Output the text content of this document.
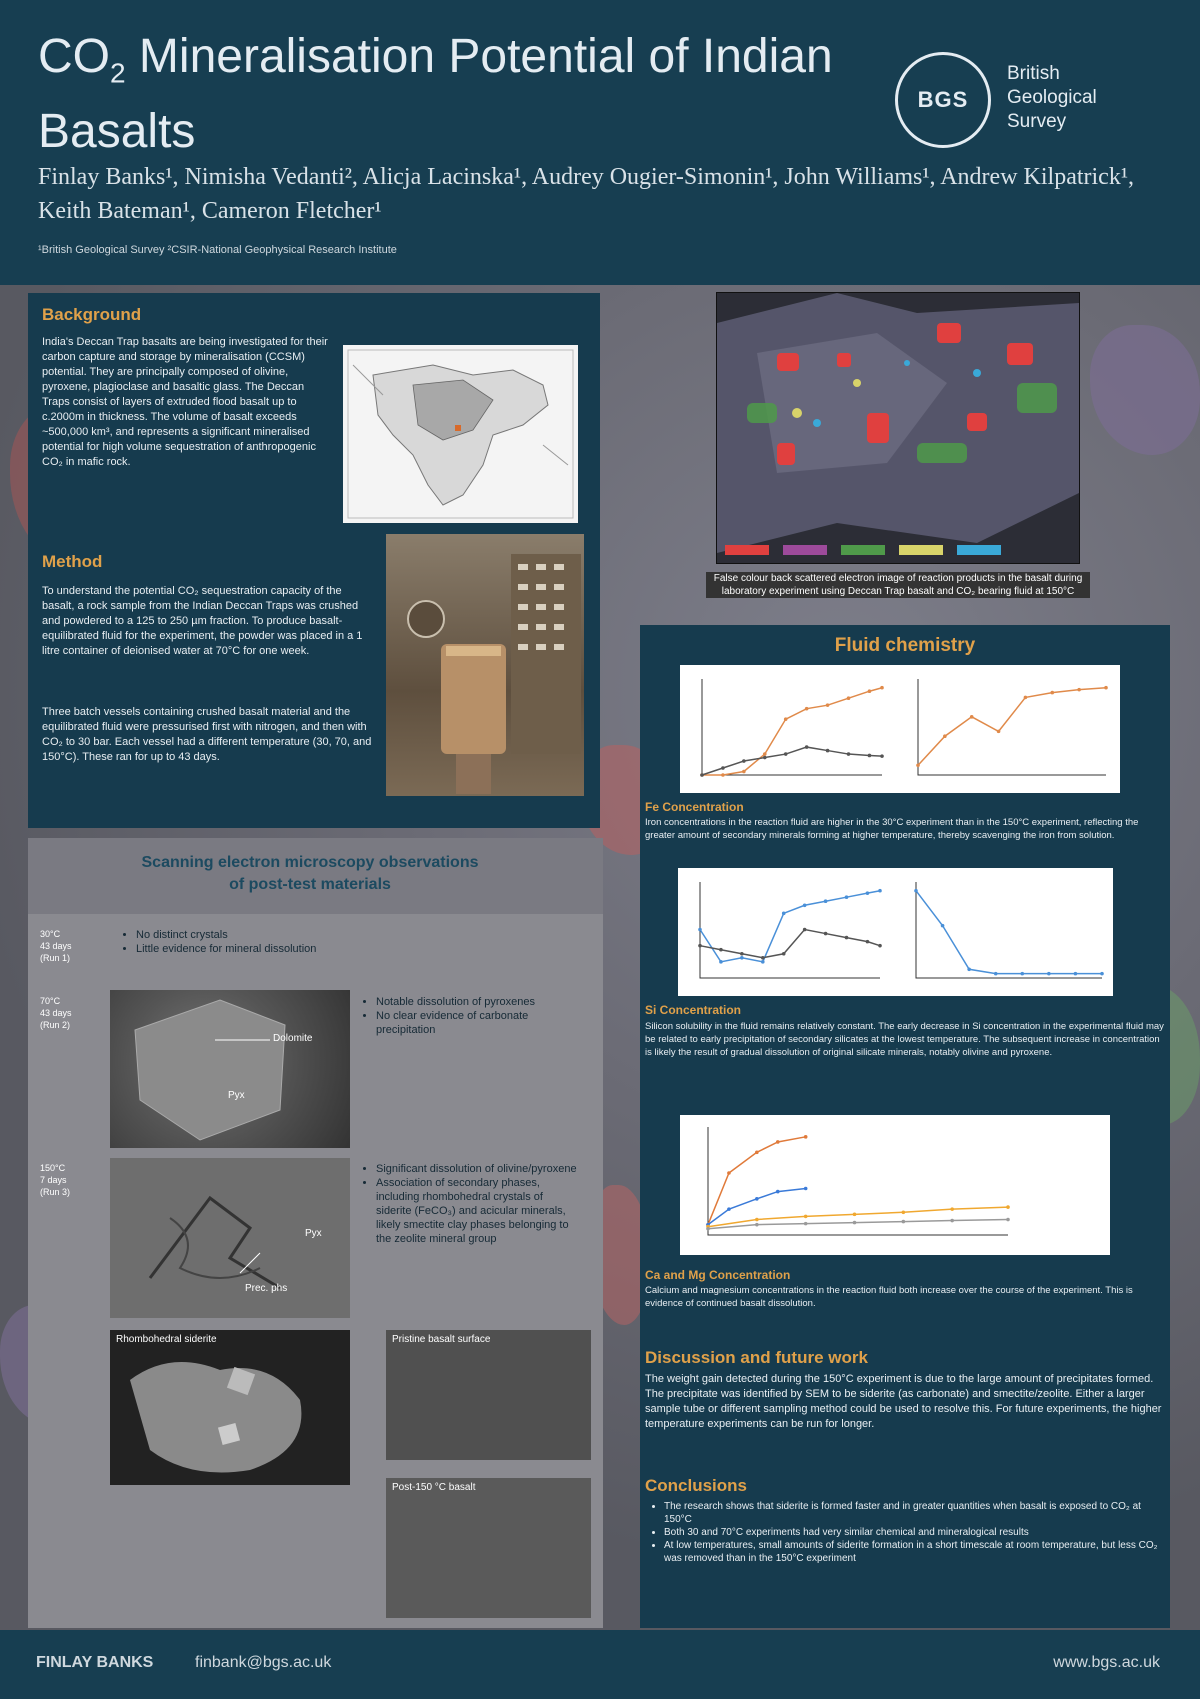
$CO_2$ Mineralisation Potential of Indian Basalts
Finlay Banks¹, Nimisha Vedanti², Alicja Lacinska¹, Audrey Ougier-Simonin¹, John Williams¹, Andrew Kilpatrick¹, Keith Bateman¹, Cameron Fletcher¹
¹British Geological Survey ²CSIR-National Geophysical Research Institute
BGS
British Geological Survey
Background

India's Deccan Trap basalts are being investigated for their carbon capture and storage by mineralisation (CCSM) potential. They are principally composed of olivine, pyroxene, plagioclase and basaltic glass. The Deccan Traps consist of layers of extruded flood basalt up to c.2000m in thickness. The volume of basalt exceeds ~500,000 km³, and represents a significant mineralised potential for high volume sequestration of anthropogenic CO₂ in mafic rock.

Method

To understand the potential CO₂ sequestration capacity of the basalt, a rock sample from the Indian Deccan Traps was crushed and powdered to a 125 to 250 µm fraction. To produce basalt-equilibrated fluid for the experiment, the powder was placed in a 1 litre container of deionised water at 70°C for one week.

Three batch vessels containing crushed basalt material and the equilibrated fluid were pressurised first with nitrogen, and then with CO₂ to 30 bar. Each vessel had a different temperature (30, 70, and 150°C). These ran for up to 43 days.

Scanning electron microscopy observations of post-test materials
30°C
43 days
(Run 1)
• No distinct crystals
• Little evidence for mineral dissolution
70°C
43 days
(Run 2)
Dolomite
Pyx
• Notable dissolution of pyroxenes
• No clear evidence of carbonate precipitation
150°C
7 days
(Run 3)
Pyx
Prec. phs
• Significant dissolution of olivine/pyroxene
• Association of secondary phases, including rhombohedral crystals of siderite (FeCO₃) and acicular minerals, likely smectite clay phases belonging to the zeolite mineral group
Rhombohedral siderite	Pristine basalt surface
Post-150 °C basalt
False colour back scattered electron image of reaction products in the basalt during laboratory experiment using Deccan Trap basalt and CO₂ bearing fluid at 150°C
Fluid chemistry
Fe Concentration

Iron concentrations in the reaction fluid are higher in the 30°C experiment than in the 150°C experiment, reflecting the greater amount of secondary minerals forming at higher temperature, thereby scavenging the iron from solution.

Si Concentration

Silicon solubility in the fluid remains relatively constant. The early decrease in Si concentration in the experimental fluid may be related to early precipitation of secondary silicates at the lowest temperature. The subsequent increase in concentration is likely the result of gradual dissolution of original silicate minerals, notably olivine and pyroxene.

Ca and Mg Concentration

Calcium and magnesium concentrations in the reaction fluid both increase over the course of the experiment. This is evidence of continued basalt dissolution.

Discussion and future work

The weight gain detected during the 150°C experiment is due to the large amount of precipitates formed. The precipitate was identified by SEM to be siderite (as carbonate) and smectite/zeolite. Either a larger sample tube or different sampling method could be used to resolve this. For future experiments, the higher temperature experiments can be run for longer.

Conclusions
• The research shows that siderite is formed faster and in greater quantities when basalt is exposed to CO₂ at 150°C
• Both 30 and 70°C experiments had very similar chemical and mineralogical results
• At low temperatures, small amounts of siderite formation in a short timescale at room temperature, but less CO₂ was removed than in the 150°C experiment
FINLAY BANKS	finbank@bgs.ac.uk	www.bgs.ac.uk
